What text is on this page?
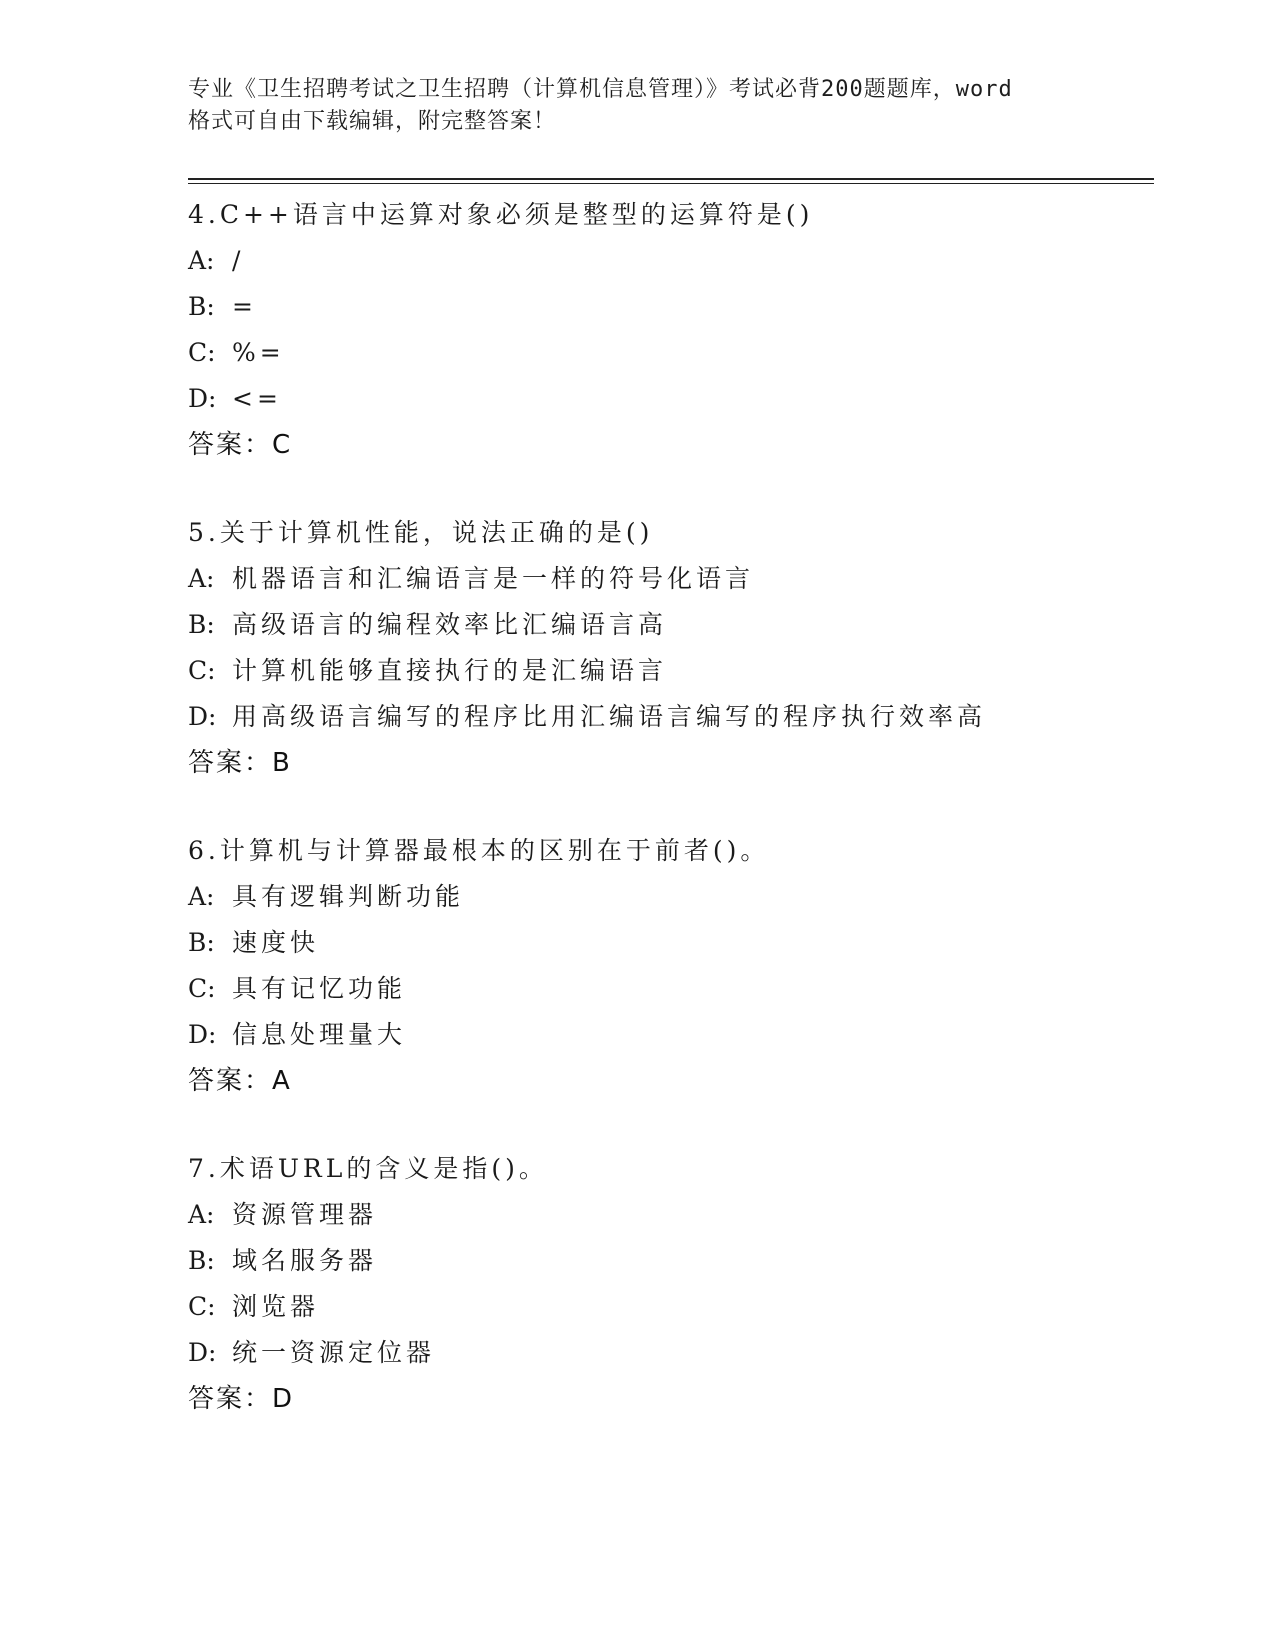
专业《卫生招聘考试之卫生招聘（计算机信息管理）》考试必背200题题库，word
格式可自由下载编辑，附完整答案！
4.C++语言中运算对象必须是整型的运算符是()
A: /
B: =
C: %=
D: <=
答案：C
5.关于计算机性能，说法正确的是()
A: 机器语言和汇编语言是一样的符号化语言
B: 高级语言的编程效率比汇编语言高
C: 计算机能够直接执行的是汇编语言
D: 用高级语言编写的程序比用汇编语言编写的程序执行效率高
答案：B
6.计算机与计算器最根本的区别在于前者()。
A: 具有逻辑判断功能
B: 速度快
C: 具有记忆功能
D: 信息处理量大
答案：A
7.术语URL的含义是指()。
A: 资源管理器
B: 域名服务器
C: 浏览器
D: 统一资源定位器
答案：D
